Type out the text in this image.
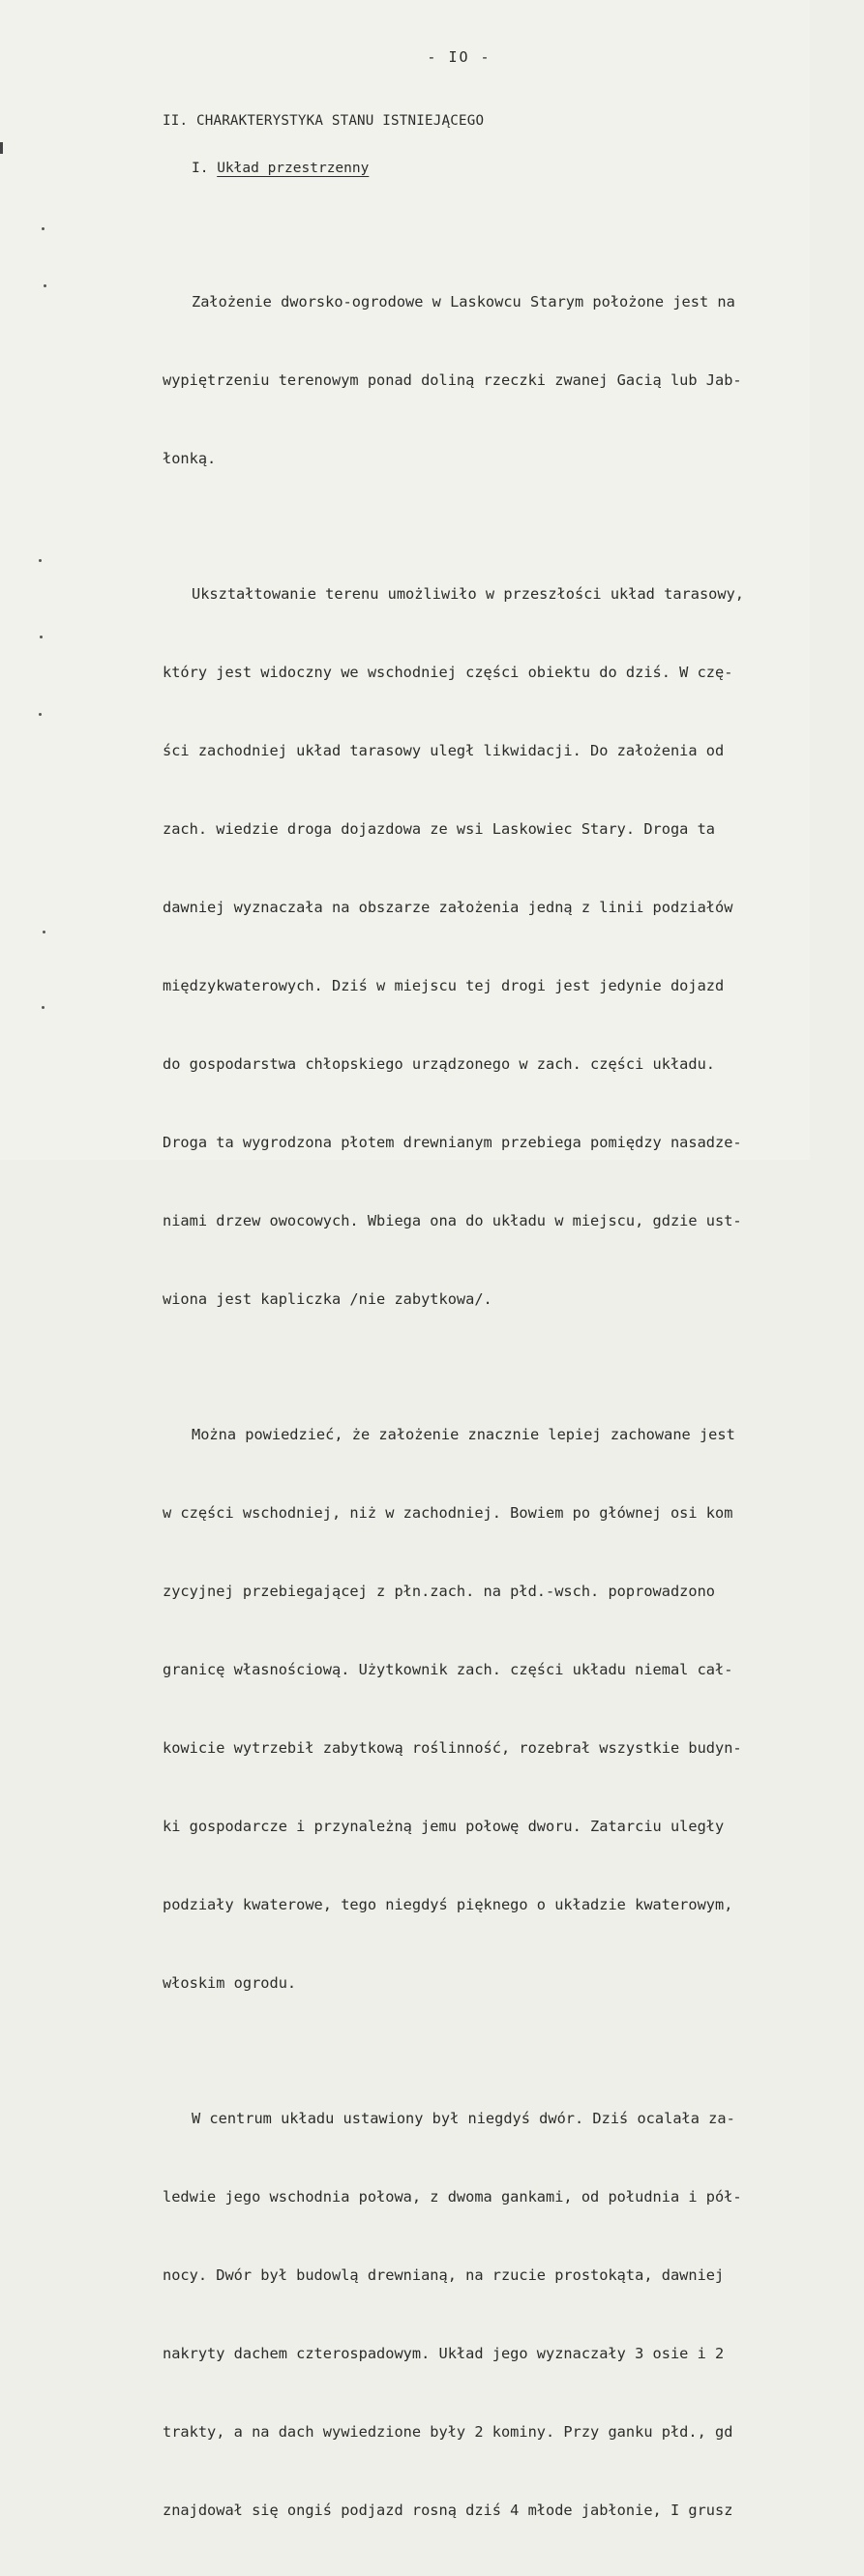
- IO -
II. CHARAKTERYSTYKA STANU ISTNIEJĄCEGO
I. Układ przestrzenny

Założenie dworsko-ogrodowe w Laskowcu Starym położone jest na

wypiętrzeniu terenowym ponad doliną rzeczki zwanej Gacią lub Jab-

łonką.

Ukształtowanie terenu umożliwiło w przeszłości układ tarasowy,

który jest widoczny we wschodniej części obiektu do dziś. W czę-

ści zachodniej układ tarasowy uległ likwidacji. Do założenia od

zach. wiedzie droga dojazdowa ze wsi Laskowiec Stary. Droga ta

dawniej wyznaczała na obszarze założenia jedną z linii podziałów

międzykwaterowych. Dziś w miejscu tej drogi jest jedynie dojazd

do gospodarstwa chłopskiego urządzonego w zach. części układu.

Droga ta wygrodzona płotem drewnianym przebiega pomiędzy nasadze-

niami drzew owocowych. Wbiega ona do układu w miejscu, gdzie ust-

wiona jest kapliczka /nie zabytkowa/.

Można powiedzieć, że założenie znacznie lepiej zachowane jest

w części wschodniej, niż w zachodniej. Bowiem po głównej osi kom

zycyjnej przebiegającej z płn.zach. na płd.-wsch. poprowadzono

granicę własnościową. Użytkownik zach. części układu niemal cał-

kowicie wytrzebił zabytkową roślinność, rozebrał wszystkie budyn-

ki gospodarcze i przynależną jemu połowę dworu. Zatarciu uległy

podziały kwaterowe, tego niegdyś pięknego o układzie kwaterowym,

włoskim ogrodu.

W centrum układu ustawiony był niegdyś dwór. Dziś ocalała za-

ledwie jego wschodnia połowa, z dwoma gankami, od południa i pół-

nocy. Dwór był budowlą drewnianą, na rzucie prostokąta, dawniej

nakryty dachem czterospadowym. Układ jego wyznaczały 3 osie i 2

trakty, a na dach wywiedzione były 2 kominy. Przy ganku płd., gd

znajdował się ongiś podjazd rosną dziś 4 młode jabłonie, I grusz
